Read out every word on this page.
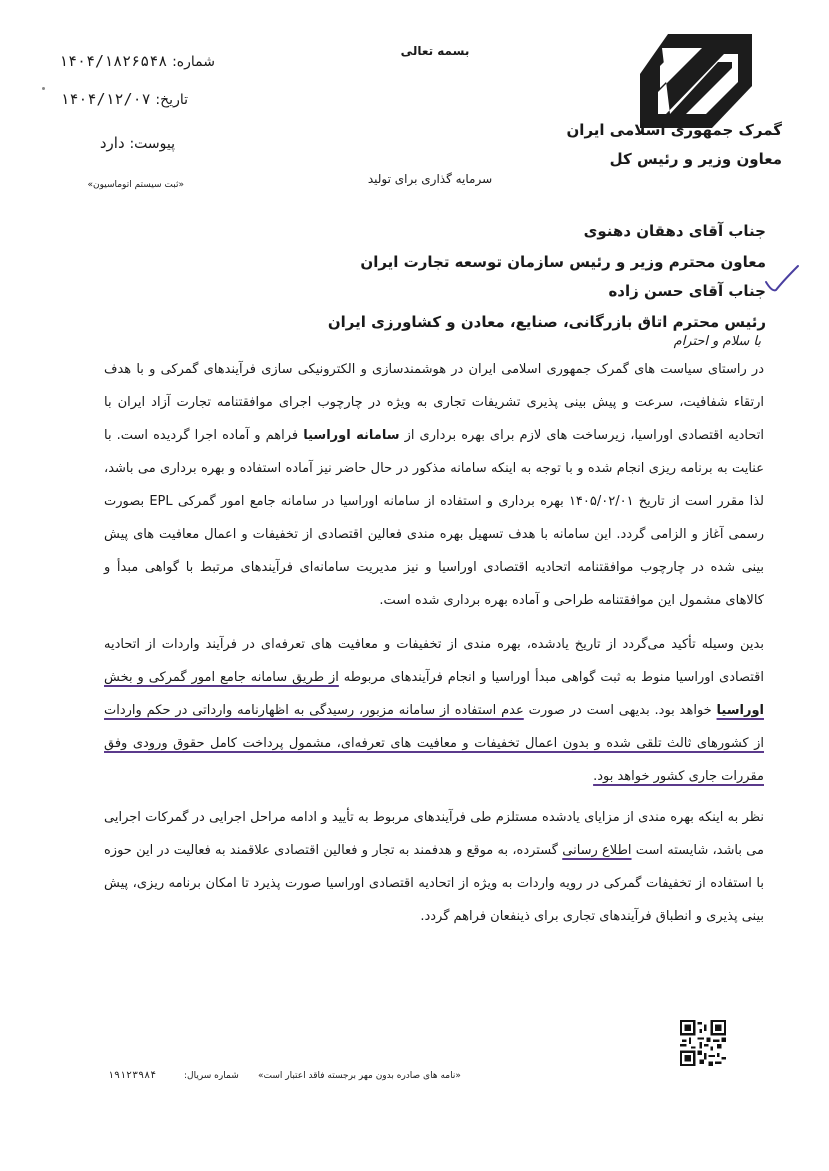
گمرک جمهوری اسلامی ایران
معاون وزیر و رئیس کل
بسمه تعالی
سرمایه گذاری برای تولید
شماره: ۱۴۰۴/۱۸۲۶۵۴۸
تاریخ: ۱۴۰۴/۱۲/۰۷
پیوست: دارد
«ثبت سیستم اتوماسیون»
جناب آقای دهقان دهنوی
معاون محترم وزیر و رئیس سازمان توسعه تجارت ایران
جناب آقای حسن زاده
رئیس محترم اتاق بازرگانی، صنایع، معادن و کشاورزی ایران
با سلام و احترام
در راستای سیاست های گمرک جمهوری اسلامی ایران در هوشمندسازی و الکترونیکی سازی فرآیندهای گمرکی و با هدف ارتقاء شفافیت، سرعت و پیش بینی پذیری تشریفات تجاری به ویژه در چارچوب اجرای موافقتنامه تجارت آزاد ایران با اتحادیه اقتصادی اوراسیا، زیرساخت های لازم برای بهره برداری از سامانه اوراسیا فراهم و آماده اجرا گردیده است. با عنایت به برنامه ریزی انجام شده و با توجه به اینکه سامانه مذکور در حال حاضر نیز آماده استفاده و بهره برداری می باشد، لذا مقرر است از تاریخ ۱۴۰۵/۰۲/۰۱ بهره برداری و استفاده از سامانه اوراسیا در سامانه جامع امور گمرکی EPL بصورت رسمی آغاز و الزامی گردد. این سامانه با هدف تسهیل بهره مندی فعالین اقتصادی از تخفیفات و اعمال معافیت های پیش بینی شده در چارچوب موافقتنامه اتحادیه اقتصادی اوراسیا و نیز مدیریت سامانه‌ای فرآیندهای مرتبط با گواهی مبدأ و کالاهای مشمول این موافقتنامه طراحی و آماده بهره برداری شده است.
بدین وسیله تأکید می‌گردد از تاریخ یادشده، بهره مندی از تخفیفات و معافیت های تعرفه‌ای در فرآیند واردات از اتحادیه اقتصادی اوراسیا منوط به ثبت گواهی مبدأ اوراسیا و انجام فرآیندهای مربوطه از طریق سامانه جامع امور گمرکی و بخش اوراسیا خواهد بود. بدیهی است در صورت عدم استفاده از سامانه مزبور، رسیدگی به اظهارنامه وارداتی در حکم واردات از کشورهای ثالث تلقی شده و بدون اعمال تخفیفات و معافیت های تعرفه‌ای، مشمول پرداخت کامل حقوق ورودی وفق مقررات جاری کشور خواهد بود.
نظر به اینکه بهره مندی از مزایای یادشده مستلزم طی فرآیندهای مربوط به تأیید و ادامه مراحل اجرایی در گمرکات اجرایی می باشد، شایسته است اطلاع رسانی گسترده، به موقع و هدفمند به تجار و فعالین اقتصادی علاقمند به فعالیت در این حوزه با استفاده از تخفیفات گمرکی در رویه واردات به ویژه از اتحادیه اقتصادی اوراسیا صورت پذیرد تا امکان برنامه ریزی، پیش بینی پذیری و انطباق فرآیندهای تجاری برای ذینفعان فراهم گردد.
«نامه های صادره بدون مهر برجسته فاقد اعتبار است»
شماره سریال:
۱۹۱۲۳۹۸۴
